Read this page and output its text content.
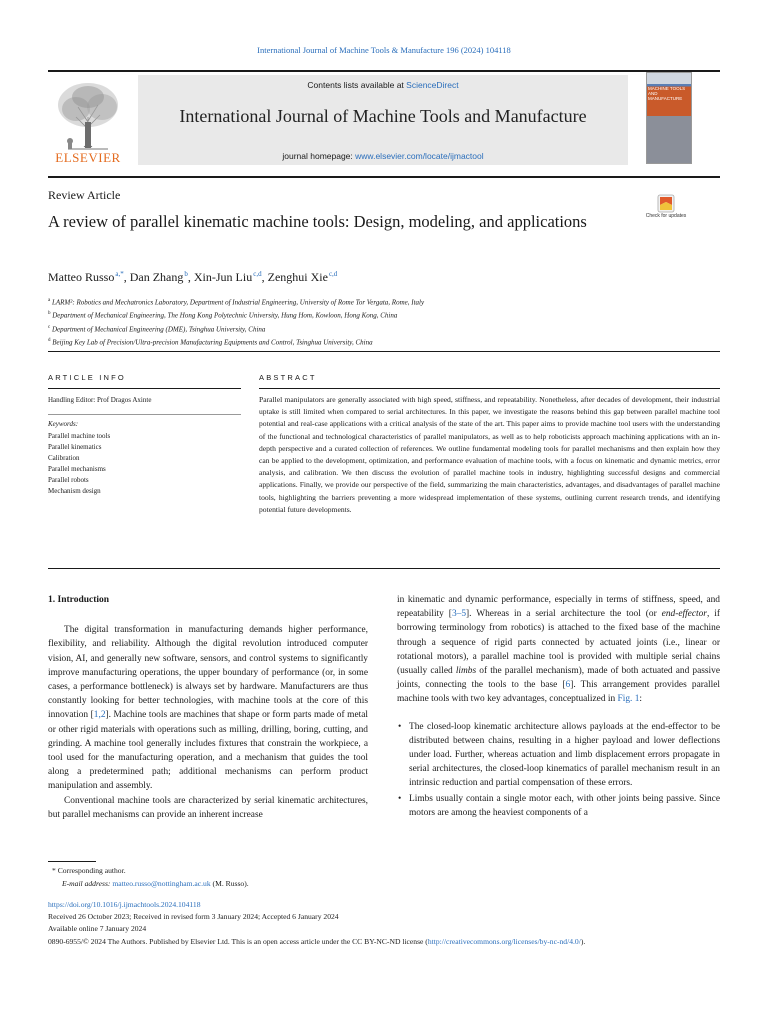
International Journal of Machine Tools & Manufacture 196 (2024) 104118
ELSEVIER
Contents lists available at ScienceDirect
International Journal of Machine Tools and Manufacture
journal homepage: www.elsevier.com/locate/ijmactool
MACHINE TOOLS AND MANUFACTURE
Review Article
A review of parallel kinematic machine tools: Design, modeling, and applications	Check for updates
Matteo Russo $^{a,*}$, Dan Zhang $^b$, Xin-Jun Liu $^{c,d}$, Zenghui Xie $^{c,d}$
$^a$ LARM²: Robotics and Mechatronics Laboratory, Department of Industrial Engineering, University of Rome Tor Vergata, Rome, Italy
$^b$ Department of Mechanical Engineering, The Hong Kong Polytechnic University, Hung Hom, Kowloon, Hong Kong, China
$^c$ Department of Mechanical Engineering (DME), Tsinghua University, China
$^d$ Beijing Key Lab of Precision/Ultra-precision Manufacturing Equipments and Control, Tsinghua University, China
ARTICLE INFO
Handling Editor: Prof Dragos Axinte
Keywords:
Parallel machine tools
Parallel kinematics
Calibration
Parallel mechanisms
Parallel robots
Mechanism design
ABSTRACT
Parallel manipulators are generally associated with high speed, stiffness, and repeatability. Nonetheless, after decades of development, their industrial uptake is still limited when compared to serial architectures. In this paper, we investigate the reasons behind this gap between parallel machine tool potential and real-case applications with a critical analysis of the state of the art. This paper aims to provide machine tool users with the understanding of the functional and technological characteristics of parallel manipulators, as well as to help roboticists approach machining applications with an in-depth perspective and a curated collection of references. We outline fundamental modeling tools for parallel mechanisms and then explain how they can be applied to the development, optimization, and performance evaluation of machine tools, with a focus on kinematic and dynamic metrics, error analysis, and calibration. We then discuss the evolution of parallel machine tools in industry, highlighting successful designs and commercial applications. Finally, we provide our perspective of the field, summarizing the main characteristics, advantages, and disadvantages of parallel machine tools, highlighting the barriers preventing a more widespread implementation of these systems, outlining current research trends, and identifying potential future developments.
1. Introduction

The digital transformation in manufacturing demands higher performance, flexibility, and reliability. Although the digital revolution introduced computer vision, AI, and generally new software, sensors, and control systems to significantly improve manufacturing operations, the upper boundary of performance (or, in some cases, a performance bottleneck) is always set by hardware. Manufacturers are thus constantly looking for better technologies, with machine tools at the core of this innovation [1,2]. Machine tools are machines that shape or form parts made of metal or other rigid materials with operations such as milling, drilling, boring, cutting, and grinding. A machine tool generally includes fixtures that constrain the workpiece, a tool used for the manufacturing operation, and a mechanism that guides the tool along a predetermined path; additional mechanisms can perform product manipulation and assembly.

Conventional machine tools are characterized by serial kinematic architectures, but parallel mechanisms can provide an inherent increase

in kinematic and dynamic performance, especially in terms of stiffness, speed, and repeatability [3–5]. Whereas in a serial architecture the tool (or end-effector, if borrowing terminology from robotics) is attached to the fixed base of the machine through a sequence of rigid parts connected by actuated joints (i.e., linear or rotational motors), a parallel machine tool is provided with multiple serial chains (usually called limbs of the parallel mechanism), made of both actuated and passive joints, connecting the tools to the base [6]. This arrangement provides parallel machine tools with two key advantages, conceptualized in Fig. 1:

• The closed-loop kinematic architecture allows payloads at the end-effector to be distributed between chains, resulting in a higher payload and lower deflections under load. Further, whereas actuation and limb displacement errors propagate in serial architectures, the closed-loop kinematics of parallel mechanism result in an intrinsic reduction and partial compensation of these errors.
• Limbs usually contain a single motor each, with other joints being passive. Since motors are among the heaviest components of a
* Corresponding author.
E-mail address: matteo.russo@nottingham.ac.uk (M. Russo).
https://doi.org/10.1016/j.ijmachtools.2024.104118
Received 26 October 2023; Received in revised form 3 January 2024; Accepted 6 January 2024
Available online 7 January 2024
0890-6955/© 2024 The Authors. Published by Elsevier Ltd. This is an open access article under the CC BY-NC-ND license (http://creativecommons.org/licenses/by-nc-nd/4.0/).
